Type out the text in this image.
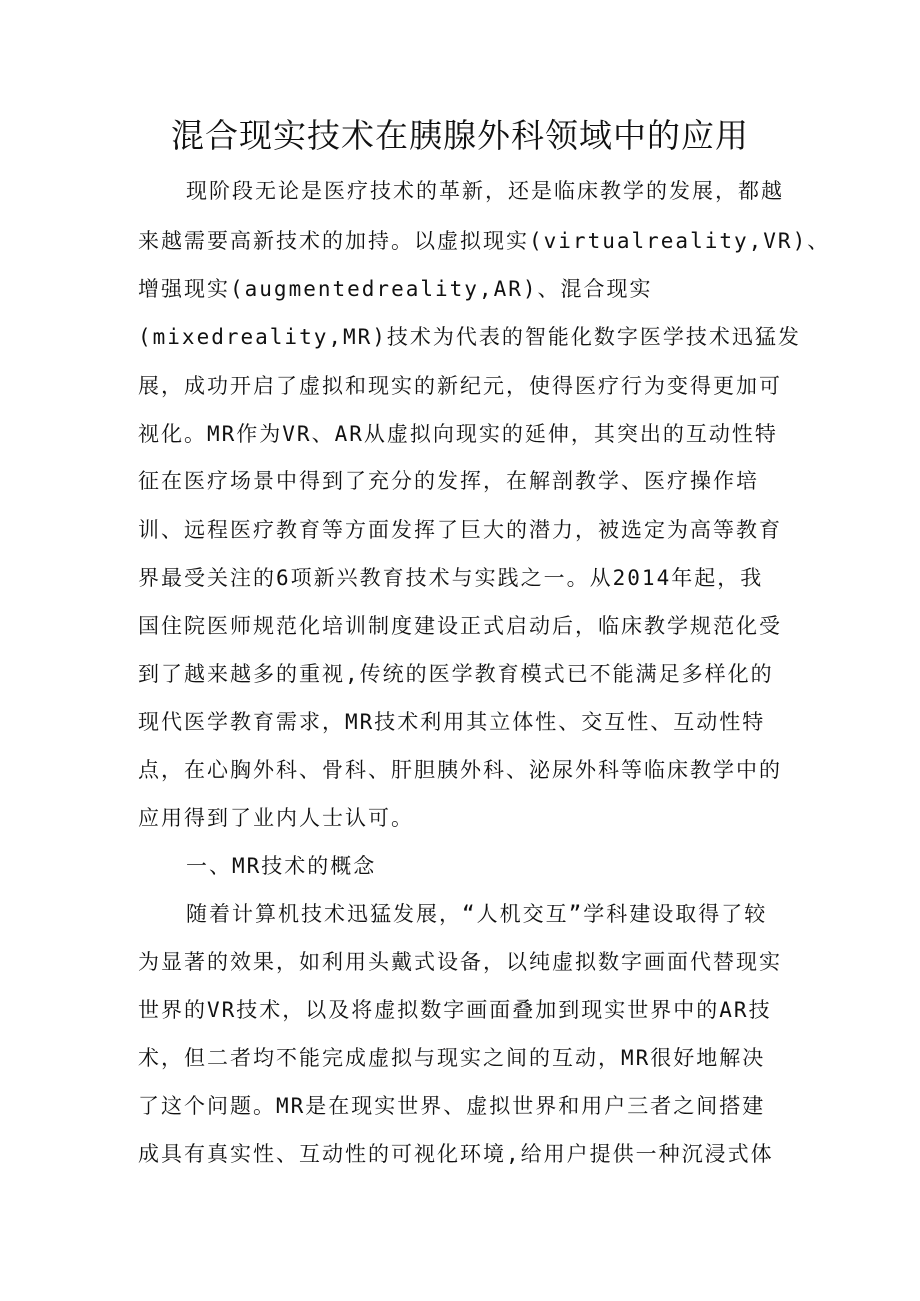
混合现实技术在胰腺外科领域中的应用

现阶段无论是医疗技术的革新，还是临床教学的发展，都越

来越需要高新技术的加持。以虚拟现实(virtualreality,VR)、

增强现实(augmentedreality,AR)、混合现实

(mixedreality,MR)技术为代表的智能化数字医学技术迅猛发

展，成功开启了虚拟和现实的新纪元，使得医疗行为变得更加可

视化。MR作为VR、AR从虚拟向现实的延伸，其突出的互动性特

征在医疗场景中得到了充分的发挥，在解剖教学、医疗操作培

训、远程医疗教育等方面发挥了巨大的潜力，被选定为高等教育

界最受关注的6项新兴教育技术与实践之一。从2014年起，我

国住院医师规范化培训制度建设正式启动后，临床教学规范化受

到了越来越多的重视,传统的医学教育模式已不能满足多样化的

现代医学教育需求，MR技术利用其立体性、交互性、互动性特

点，在心胸外科、骨科、肝胆胰外科、泌尿外科等临床教学中的

应用得到了业内人士认可。

一、MR技术的概念

随着计算机技术迅猛发展，“人机交互”学科建设取得了较

为显著的效果，如利用头戴式设备，以纯虚拟数字画面代替现实

世界的VR技术，以及将虚拟数字画面叠加到现实世界中的AR技

术，但二者均不能完成虚拟与现实之间的互动，MR很好地解决

了这个问题。MR是在现实世界、虚拟世界和用户三者之间搭建

成具有真实性、互动性的可视化环境,给用户提供一种沉浸式体
